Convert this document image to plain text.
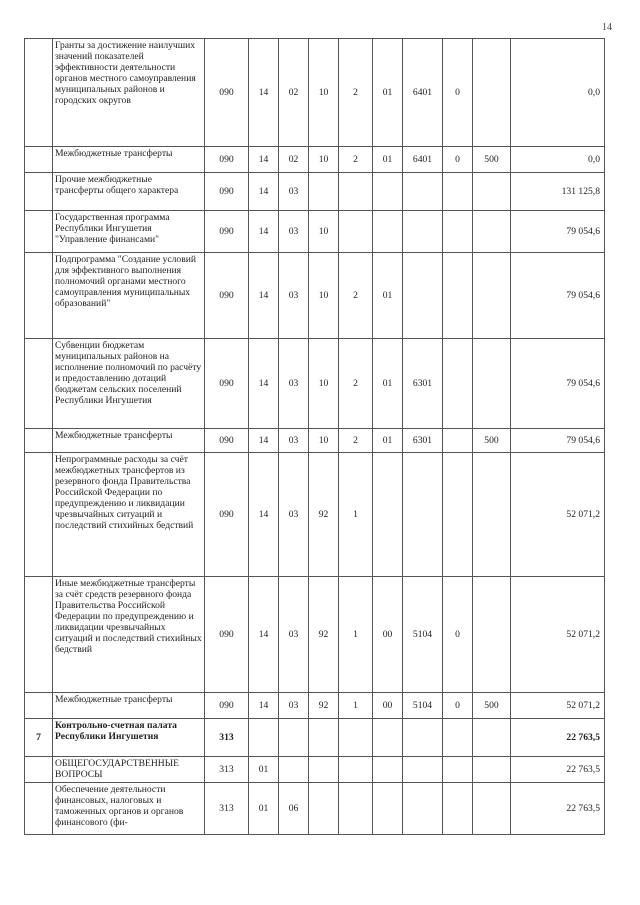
14
	Гранты за достижение наилучших значений показателей эффективности деятельности органов местного самоуправления муниципальных районов и городских округов	090	14	02	10	2	01	6401	0		0,0
	Межбюджетные трансферты	090	14	02	10	2	01	6401	0	500	0,0
	Прочие межбюджетные трансферты общего характера	090	14	03							131 125,8
	Государственная программа Республики Ингушетия "Управление финансами"	090	14	03	10						79 054,6
	Подпрограмма "Создание условий для эффективного выполнения полномочий органами местного самоуправления муниципальных образований"	090	14	03	10	2	01				79 054,6
	Субвенции бюджетам муниципальных районов на исполнение полномочий по расчёту и предоставлению дотаций бюджетам сельских поселений Республики Ингушетия	090	14	03	10	2	01	6301			79 054,6
	Межбюджетные трансферты	090	14	03	10	2	01	6301		500	79 054,6
	Непрограммные расходы за счёт межбюджетных трансфертов из резервного фонда Правительства Российской Федерации по предупреждению и ликвидации чрезвычайных ситуаций и последствий стихийных бедствий	090	14	03	92	1					52 071,2
	Иные межбюджетные трансферты за счёт средств резервного фонда Правительства Российской Федерации по предупреждению и ликвидации чрезвычайных ситуаций и последствий стихийных бедствий	090	14	03	92	1	00	5104	0		52 071,2
	Межбюджетные трансферты	090	14	03	92	1	00	5104	0	500	52 071,2
7	Контрольно-счетная палата Республики Ингушетия	313									22 763,5
	ОБЩЕГОСУДАРСТВЕННЫЕ ВОПРОСЫ	313	01								22 763,5
	Обеспечение деятельности финансовых, налоговых и таможенных органов и органов финансового (фи-	313	01	06							22 763,5
